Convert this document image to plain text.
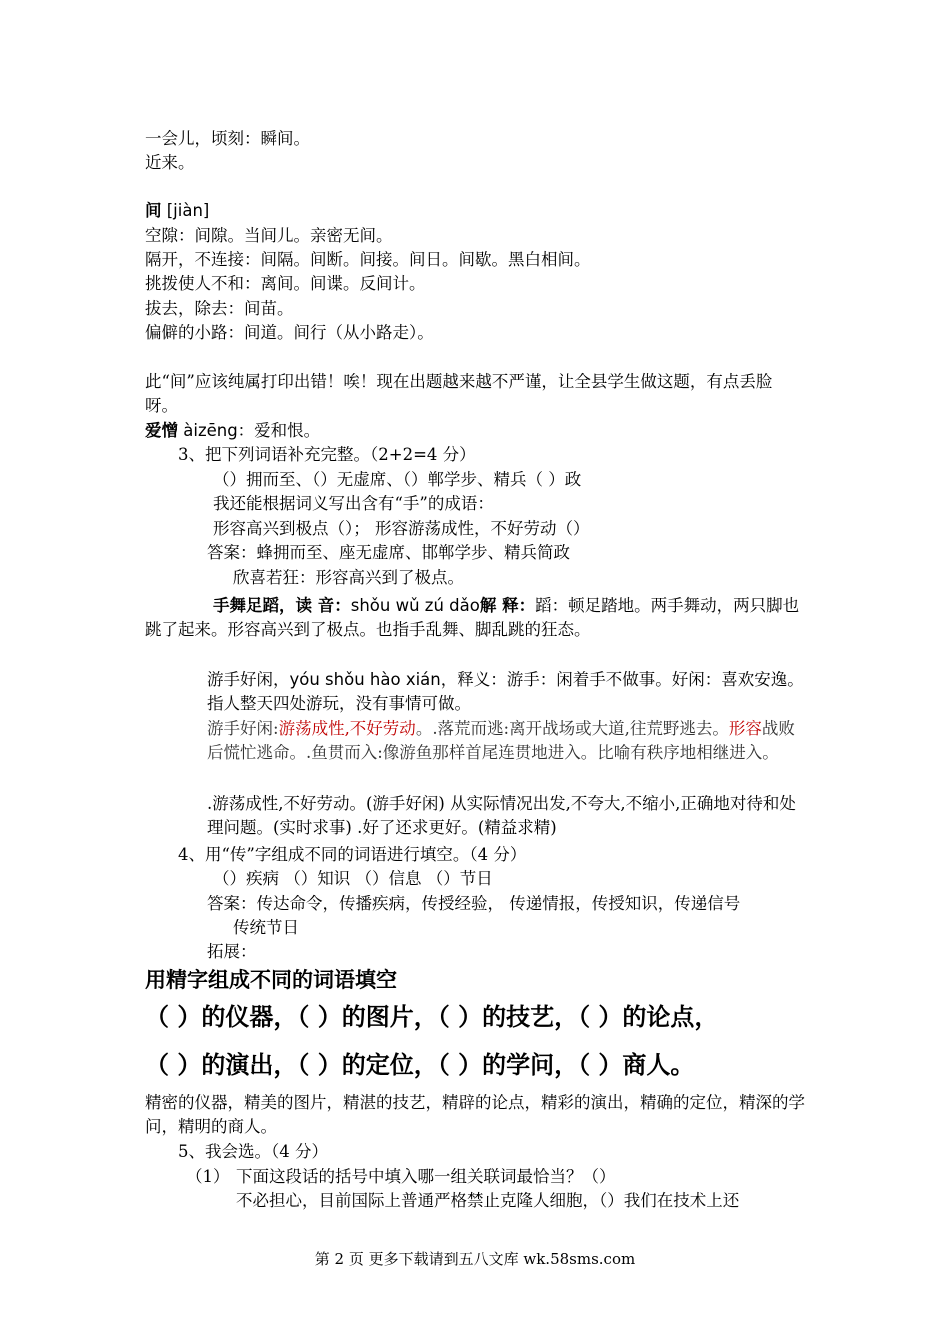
一会儿，顷刻：瞬间。
近来。
间 [jiàn]
空隙：间隙。当间儿。亲密无间。
隔开，不连接：间隔。间断。间接。间日。间歇。黑白相间。
挑拨使人不和：离间。间谍。反间计。
拔去，除去：间苗。
偏僻的小路：间道。间行（从小路走）。
此“间”应该纯属打印出错！唉！现在出题越来越不严谨，让全县学生做这题，有点丢脸呀。
爱憎 àizēng：爱和恨。
3、把下列词语补充完整。（2+2=4 分）
（）拥而至、（）无虚席、（）郸学步、精兵（ ）政
我还能根据词义写出含有“手”的成语：
形容高兴到极点（）； 形容游荡成性，不好劳动（）
答案：蜂拥而至、座无虚席、邯郸学步、精兵简政
欣喜若狂：形容高兴到了极点。
手舞足蹈，读 音：shǒu wǔ zú dǎo解 释：蹈：顿足踏地。两手舞动，两只脚也跳了起来。形容高兴到了极点。也指手乱舞、脚乱跳的狂态。
游手好闲，yóu shǒu hào xián，释义：游手：闲着手不做事。好闲：喜欢安逸。指人整天四处游玩，没有事情可做。
游手好闲:游荡成性,不好劳动。.落荒而逃:离开战场或大道,往荒野逃去。形容战败后慌忙逃命。.鱼贯而入:像游鱼那样首尾连贯地进入。比喻有秩序地相继进入。
.游荡成性,不好劳动。(游手好闲) 从实际情况出发,不夸大,不缩小,正确地对待和处理问题。(实时求事) .好了还求更好。(精益求精)
4、用“传”字组成不同的词语进行填空。（4 分）
（）疾病 （）知识 （）信息 （）节日
答案：传达命令，传播疾病，传授经验， 传递情报，传授知识，传递信号
传统节日
拓展：
用精字组成不同的词语填空
（ ）的仪器，（ ）的图片，（ ）的技艺，（ ）的论点，
（ ）的演出，（ ）的定位，（ ）的学问，（ ）商人。
精密的仪器，精美的图片，精湛的技艺，精辟的论点，精彩的演出，精确的定位，精深的学问，精明的商人。
5、我会选。（4 分）
（1） 下面这段话的括号中填入哪一组关联词最恰当？（）
不必担心，目前国际上普通严格禁止克隆人细胞，（）我们在技术上还
第 2 页 更多下载请到五八文库 wk.58sms.com
